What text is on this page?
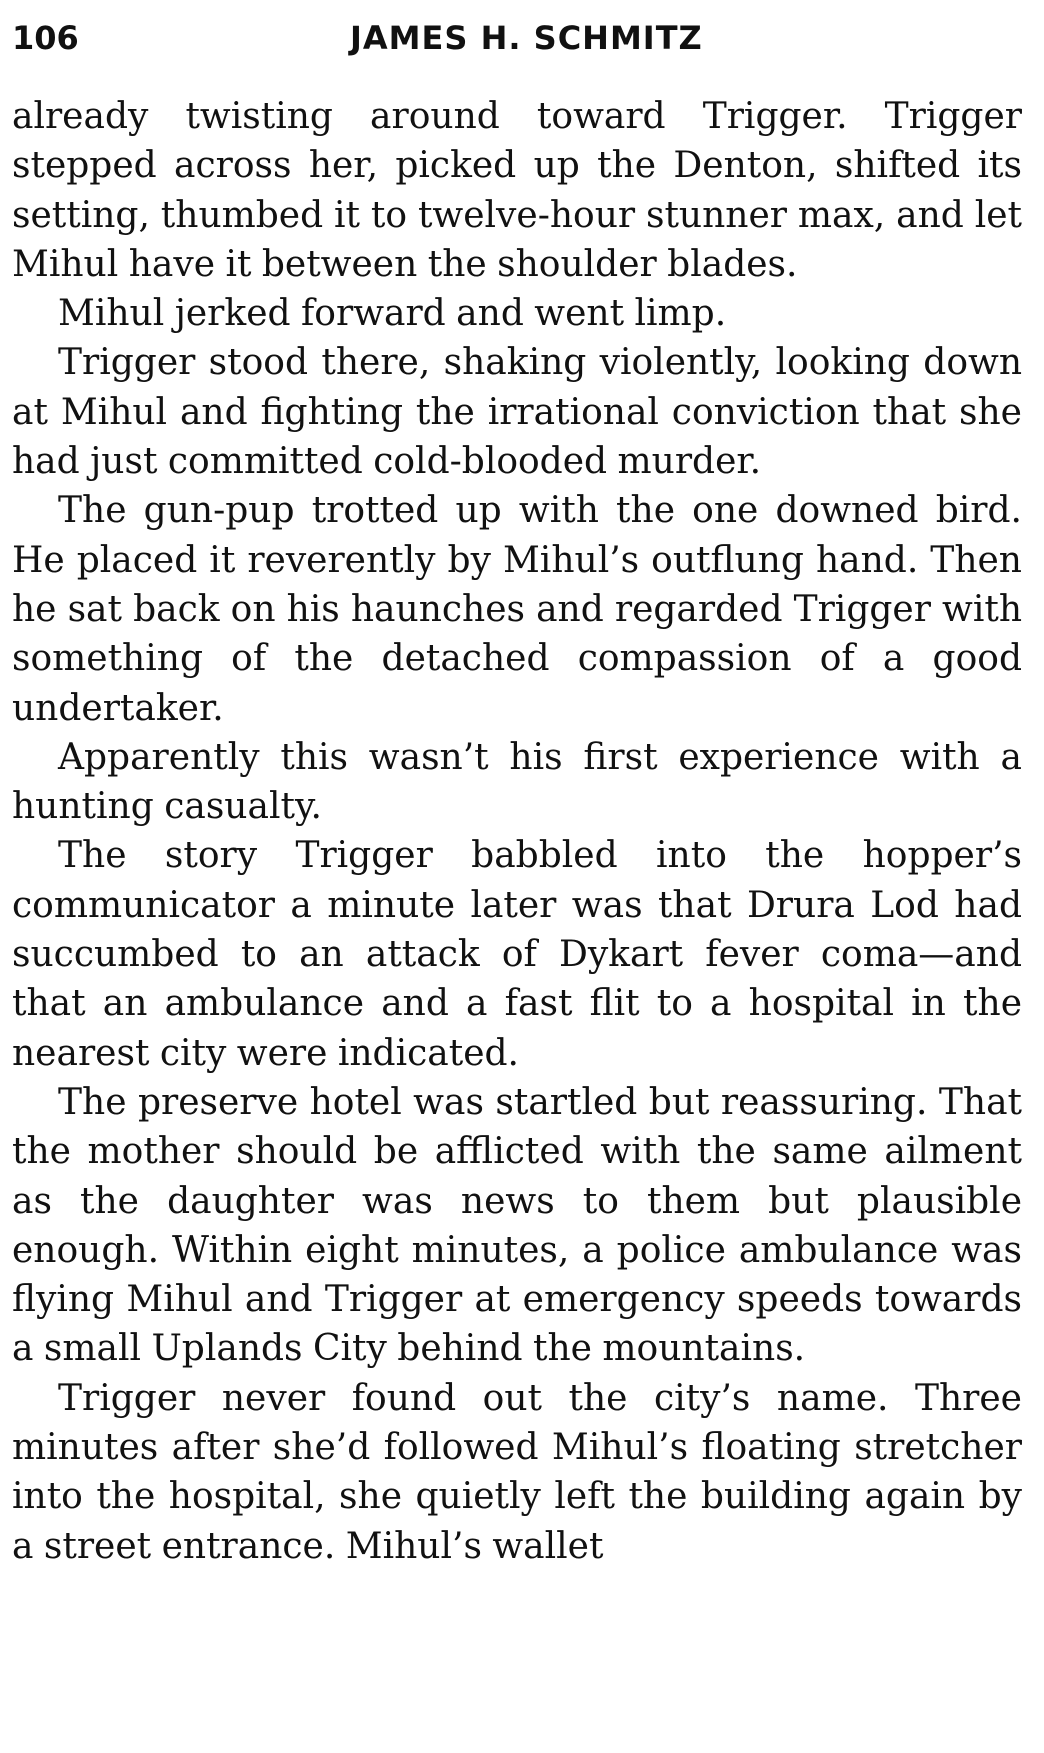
106	JAMES H. SCHMITZ

already twisting around toward Trigger. Trigger stepped across her, picked up the Denton, shifted its setting, thumbed it to twelve-hour stunner max, and let Mihul have it between the shoulder blades.

Mihul jerked forward and went limp.

Trigger stood there, shaking violently, looking down at Mihul and fighting the irrational conviction that she had just committed cold-blooded murder.

The gun-pup trotted up with the one downed bird. He placed it reverently by Mihul’s outflung hand. Then he sat back on his haunches and regarded Trigger with something of the detached compassion of a good undertaker.

Apparently this wasn’t his first experience with a hunting casualty.

The story Trigger babbled into the hopper’s communicator a minute later was that Drura Lod had succumbed to an attack of Dykart fever coma—and that an ambulance and a fast flit to a hospital in the nearest city were indicated.

The preserve hotel was startled but reassuring. That the mother should be afflicted with the same ailment as the daughter was news to them but plausible enough. Within eight minutes, a police ambulance was flying Mihul and Trigger at emergency speeds towards a small Uplands City behind the mountains.

Trigger never found out the city’s name. Three minutes after she’d followed Mihul’s floating stretcher into the hospital, she quietly left the building again by a street entrance. Mihul’s wallet
